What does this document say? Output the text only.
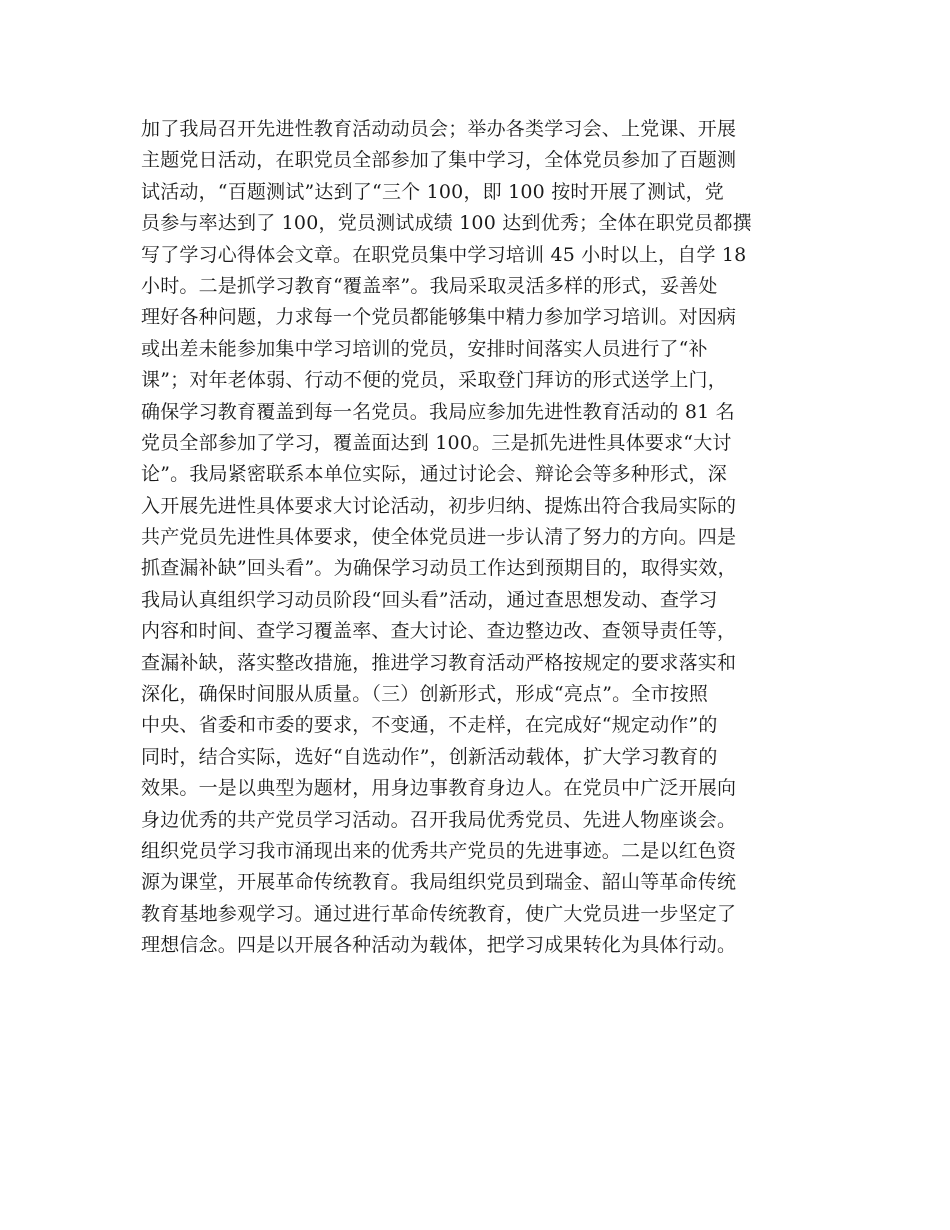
加了我局召开先进性教育活动动员会；举办各类学习会、上党课、开展
主题党日活动，在职党员全部参加了集中学习，全体党员参加了百题测
试活动，“百题测试”达到了“三个 100，即 100 按时开展了测试，党
员参与率达到了 100，党员测试成绩 100 达到优秀；全体在职党员都撰
写了学习心得体会文章。在职党员集中学习培训 45 小时以上，自学 18
小时。二是抓学习教育“覆盖率”。我局采取灵活多样的形式，妥善处
理好各种问题，力求每一个党员都能够集中精力参加学习培训。对因病
或出差未能参加集中学习培训的党员，安排时间落实人员进行了“补
课”；对年老体弱、行动不便的党员，采取登门拜访的形式送学上门，
确保学习教育覆盖到每一名党员。我局应参加先进性教育活动的 81 名
党员全部参加了学习，覆盖面达到 100。三是抓先进性具体要求“大讨
论”。我局紧密联系本单位实际，通过讨论会、辩论会等多种形式，深
入开展先进性具体要求大讨论活动，初步归纳、提炼出符合我局实际的
共产党员先进性具体要求，使全体党员进一步认清了努力的方向。四是
抓查漏补缺”回头看”。为确保学习动员工作达到预期目的，取得实效，
我局认真组织学习动员阶段“回头看”活动，通过查思想发动、查学习
内容和时间、查学习覆盖率、查大讨论、查边整边改、查领导责任等，
查漏补缺，落实整改措施，推进学习教育活动严格按规定的要求落实和
深化，确保时间服从质量。（三）创新形式，形成“亮点”。全市按照
中央、省委和市委的要求，不变通，不走样，在完成好“规定动作”的
同时，结合实际，选好“自选动作”，创新活动载体，扩大学习教育的
效果。一是以典型为题材，用身边事教育身边人。在党员中广泛开展向
身边优秀的共产党员学习活动。召开我局优秀党员、先进人物座谈会。
组织党员学习我市涌现出来的优秀共产党员的先进事迹。二是以红色资
源为课堂，开展革命传统教育。我局组织党员到瑞金、韶山等革命传统
教育基地参观学习。通过进行革命传统教育，使广大党员进一步坚定了
理想信念。四是以开展各种活动为载体，把学习成果转化为具体行动。
